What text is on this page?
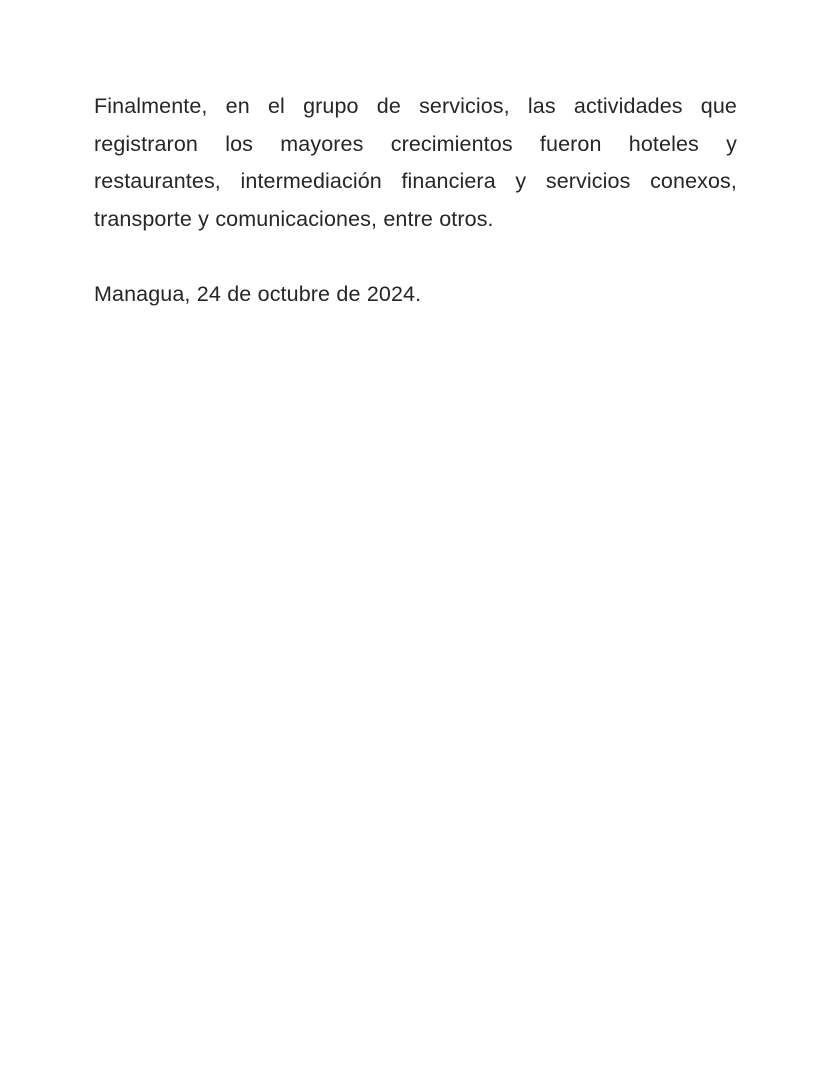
Finalmente, en el grupo de servicios, las actividades que registraron los mayores crecimientos fueron hoteles y restaurantes, intermediación financiera y servicios conexos, transporte y comunicaciones, entre otros.

Managua, 24 de octubre de 2024.
